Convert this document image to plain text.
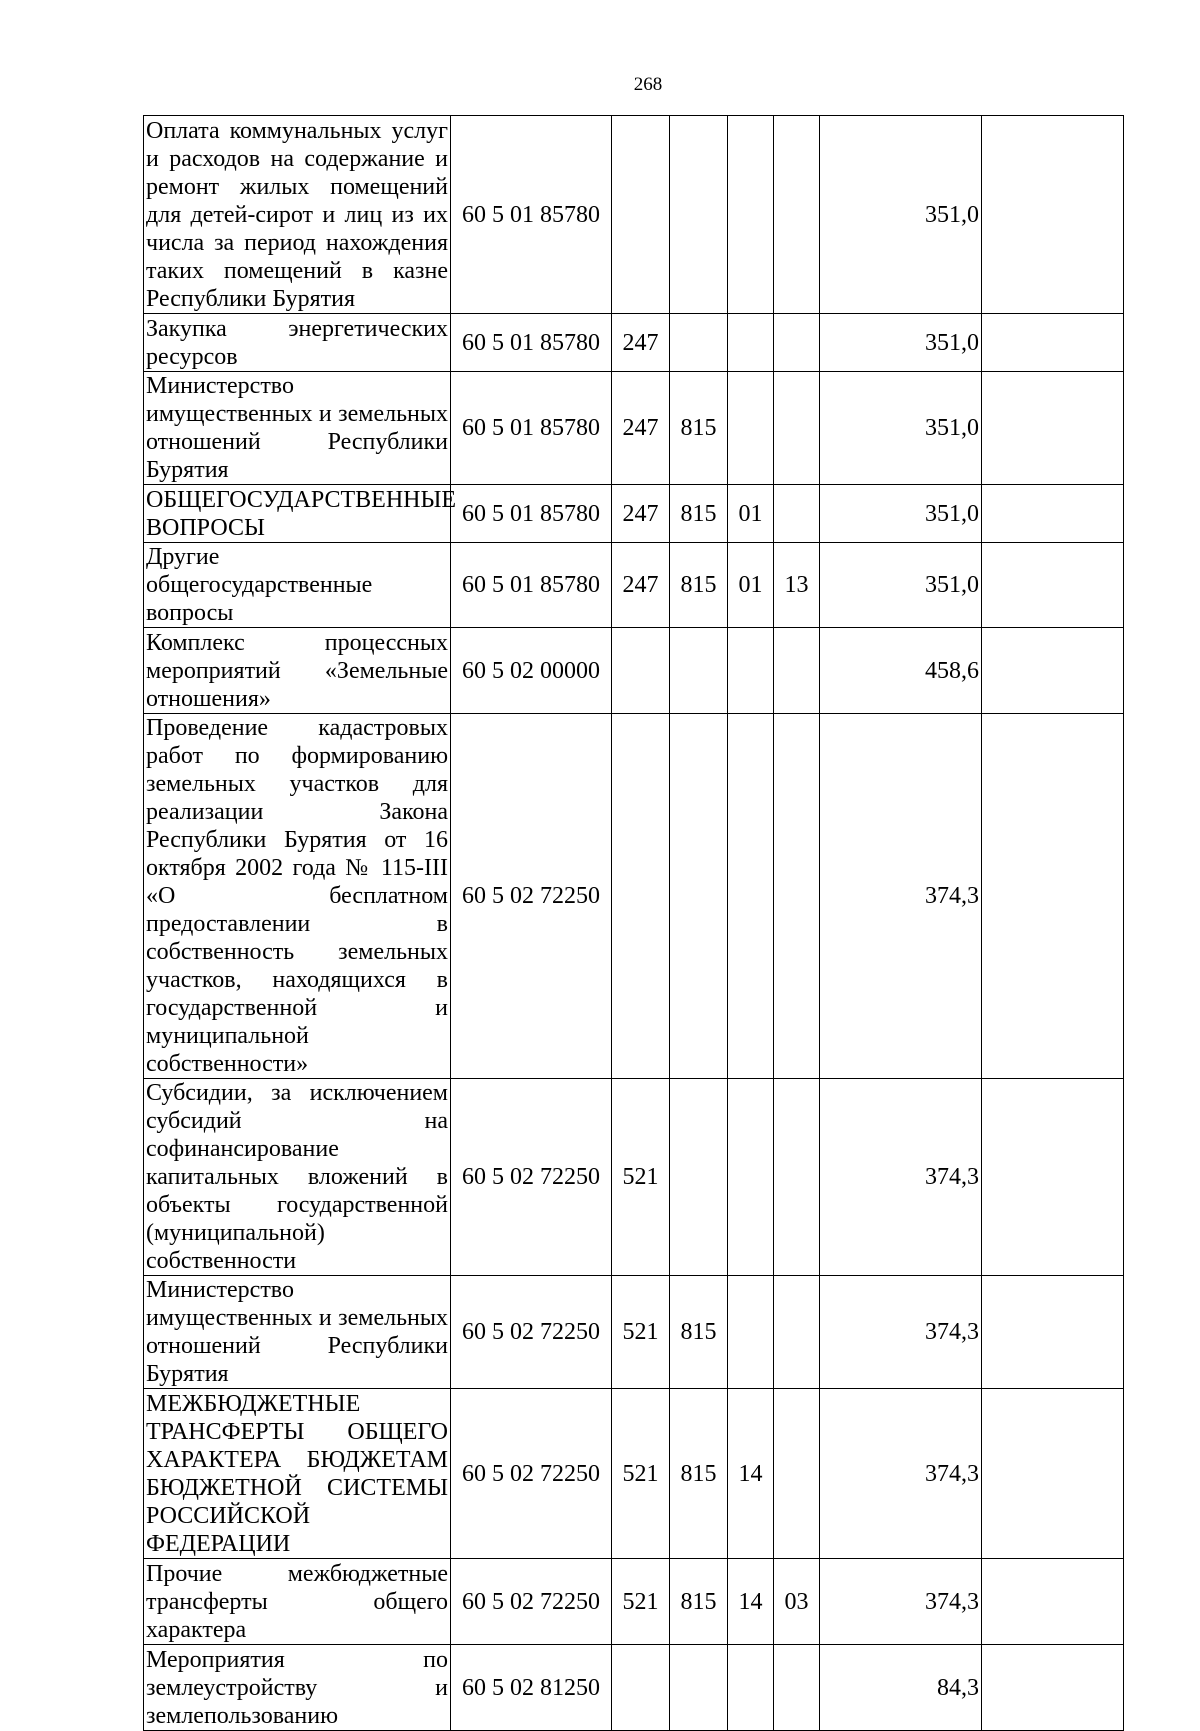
268
Оплата коммунальных услуг и расходов на содержание и ремонт жилых помещений для детей-сирот и лиц из их числа за период нахождения таких помещений в казне Республики Бурятия	60 5 01 85780					351,0	
Закупка энергетических ресурсов	60 5 01 85780	247				351,0	
Министерство имущественных и земельных отношений Республики Бурятия	60 5 01 85780	247	815			351,0	
ОБЩЕГОСУДАРСТВЕННЫЕ ВОПРОСЫ	60 5 01 85780	247	815	01		351,0	
Другие общегосударственные вопросы	60 5 01 85780	247	815	01	13	351,0	
Комплекс процессных мероприятий «Земельные отношения»	60 5 02 00000					458,6	
Проведение кадастровых работ по формированию земельных участков для реализации Закона Республики Бурятия от 16 октября 2002 года № 115-III «О бесплатном предоставлении в собственность земельных участков, находящихся в государственной и муниципальной собственности»	60 5 02 72250					374,3	
Субсидии, за исключением субсидий на софинансирование капитальных вложений в объекты государственной (муниципальной) собственности	60 5 02 72250	521				374,3	
Министерство имущественных и земельных отношений Республики Бурятия	60 5 02 72250	521	815			374,3	
МЕЖБЮДЖЕТНЫЕ ТРАНСФЕРТЫ ОБЩЕГО ХАРАКТЕРА БЮДЖЕТАМ БЮДЖЕТНОЙ СИСТЕМЫ РОССИЙСКОЙ ФЕДЕРАЦИИ	60 5 02 72250	521	815	14		374,3	
Прочие межбюджетные трансферты общего характера	60 5 02 72250	521	815	14	03	374,3	
Мероприятия по землеустройству и землепользованию	60 5 02 81250					84,3	
